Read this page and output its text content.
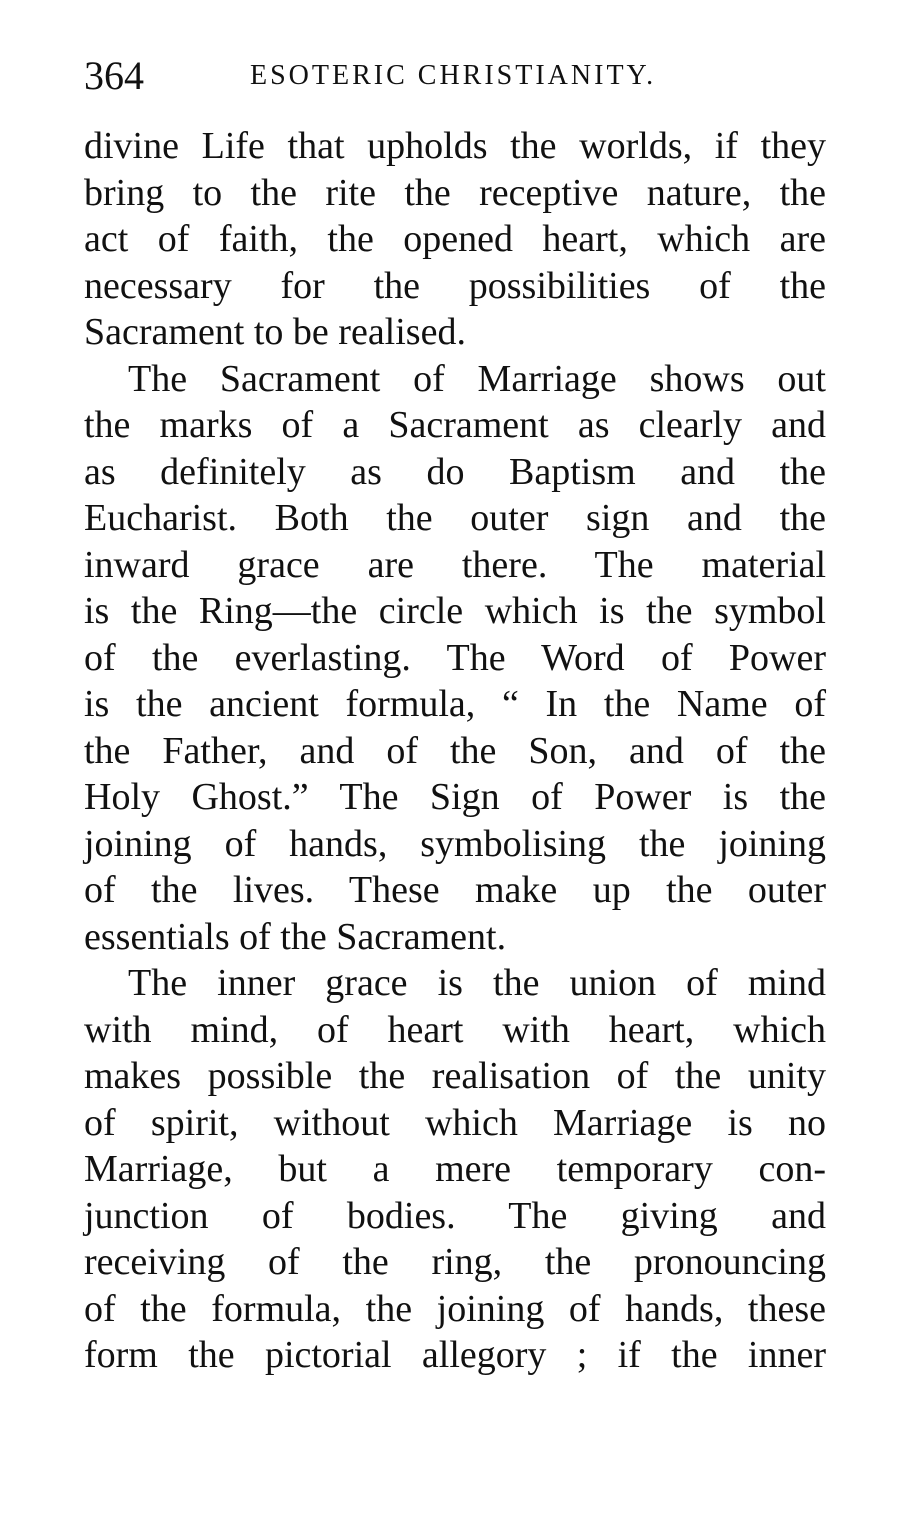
364	ESOTERIC CHRISTIANITY.
divine Life that upholds the worlds, if they
bring to the rite the receptive nature, the
act of faith, the opened heart, which are
necessary for the possibilities of the
Sacrament to be realised.
The Sacrament of Marriage shows out
the marks of a Sacrament as clearly and
as definitely as do Baptism and the
Eucharist. Both the outer sign and the
inward grace are there. The material
is the Ring—the circle which is the symbol
of the everlasting. The Word of Power
is the ancient formula, “ In the Name of
the Father, and of the Son, and of the
Holy Ghost.” The Sign of Power is the
joining of hands, symbolising the joining
of the lives. These make up the outer
essentials of the Sacrament.
The inner grace is the union of mind
with mind, of heart with heart, which
makes possible the realisation of the unity
of spirit, without which Marriage is no
Marriage, but a mere temporary con-
junction of bodies. The giving and
receiving of the ring, the pronouncing
of the formula, the joining of hands, these
form the pictorial allegory ; if the inner
